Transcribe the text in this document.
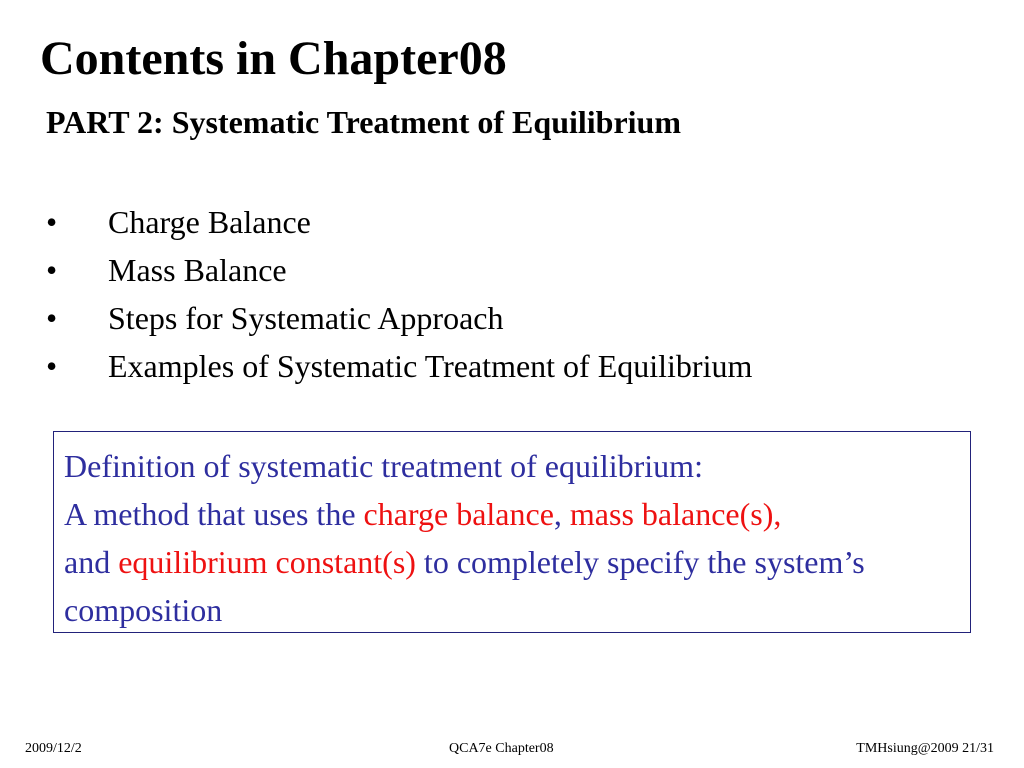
Contents in Chapter08
PART 2: Systematic Treatment of Equilibrium
• Charge Balance
• Mass Balance
• Steps for Systematic Approach
• Examples of Systematic Treatment of Equilibrium

Definition of systematic treatment of equilibrium:
A method that uses the charge balance, mass balance(s),
and equilibrium constant(s) to completely specify the system’s composition

2009/12/2	QCA7e Chapter08	TMHsiung@2009 21/31
